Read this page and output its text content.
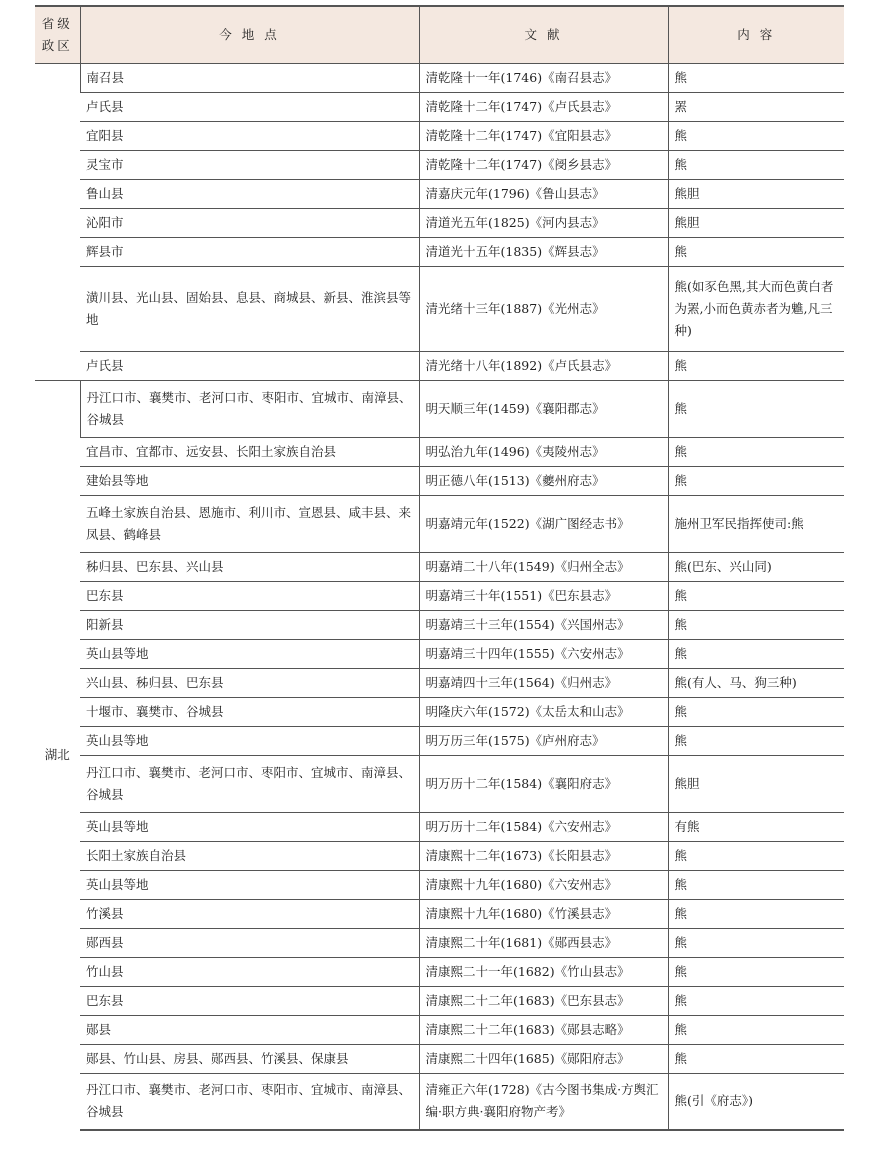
省级政区	今 地 点	文 献	内 容
	南召县	清乾隆十一年(1746)《南召县志》	熊
	卢氏县	清乾隆十二年(1747)《卢氏县志》	罴
	宜阳县	清乾隆十二年(1747)《宜阳县志》	熊
	灵宝市	清乾隆十二年(1747)《阌乡县志》	熊
	鲁山县	清嘉庆元年(1796)《鲁山县志》	熊胆
	沁阳市	清道光五年(1825)《河内县志》	熊胆
	辉县市	清道光十五年(1835)《辉县志》	熊
	潢川县、光山县、固始县、息县、商城县、新县、淮滨县等地	清光绪十三年(1887)《光州志》	熊(如豕色黑,其大而色黄白者为罴,小而色黄赤者为魋,凡三种)
	卢氏县	清光绪十八年(1892)《卢氏县志》	熊
湖北	丹江口市、襄樊市、老河口市、枣阳市、宜城市、南漳县、谷城县	明天顺三年(1459)《襄阳郡志》	熊
	宜昌市、宜都市、远安县、长阳土家族自治县	明弘治九年(1496)《夷陵州志》	熊
	建始县等地	明正德八年(1513)《夔州府志》	熊
	五峰土家族自治县、恩施市、利川市、宣恩县、咸丰县、来凤县、鹤峰县	明嘉靖元年(1522)《湖广图经志书》	施州卫军民指挥使司:熊
	秭归县、巴东县、兴山县	明嘉靖二十八年(1549)《归州全志》	熊(巴东、兴山同)
	巴东县	明嘉靖三十年(1551)《巴东县志》	熊
	阳新县	明嘉靖三十三年(1554)《兴国州志》	熊
	英山县等地	明嘉靖三十四年(1555)《六安州志》	熊
	兴山县、秭归县、巴东县	明嘉靖四十三年(1564)《归州志》	熊(有人、马、狗三种)
	十堰市、襄樊市、谷城县	明隆庆六年(1572)《太岳太和山志》	熊
	英山县等地	明万历三年(1575)《庐州府志》	熊
	丹江口市、襄樊市、老河口市、枣阳市、宜城市、南漳县、谷城县	明万历十二年(1584)《襄阳府志》	熊胆
	英山县等地	明万历十二年(1584)《六安州志》	有熊
	长阳土家族自治县	清康熙十二年(1673)《长阳县志》	熊
	英山县等地	清康熙十九年(1680)《六安州志》	熊
	竹溪县	清康熙十九年(1680)《竹溪县志》	熊
	郧西县	清康熙二十年(1681)《郧西县志》	熊
	竹山县	清康熙二十一年(1682)《竹山县志》	熊
	巴东县	清康熙二十二年(1683)《巴东县志》	熊
	郧县	清康熙二十二年(1683)《郧县志略》	熊
	郧县、竹山县、房县、郧西县、竹溪县、保康县	清康熙二十四年(1685)《郧阳府志》	熊
	丹江口市、襄樊市、老河口市、枣阳市、宜城市、南漳县、谷城县	清雍正六年(1728)《古今图书集成·方舆汇编·职方典·襄阳府物产考》	熊(引《府志》)
